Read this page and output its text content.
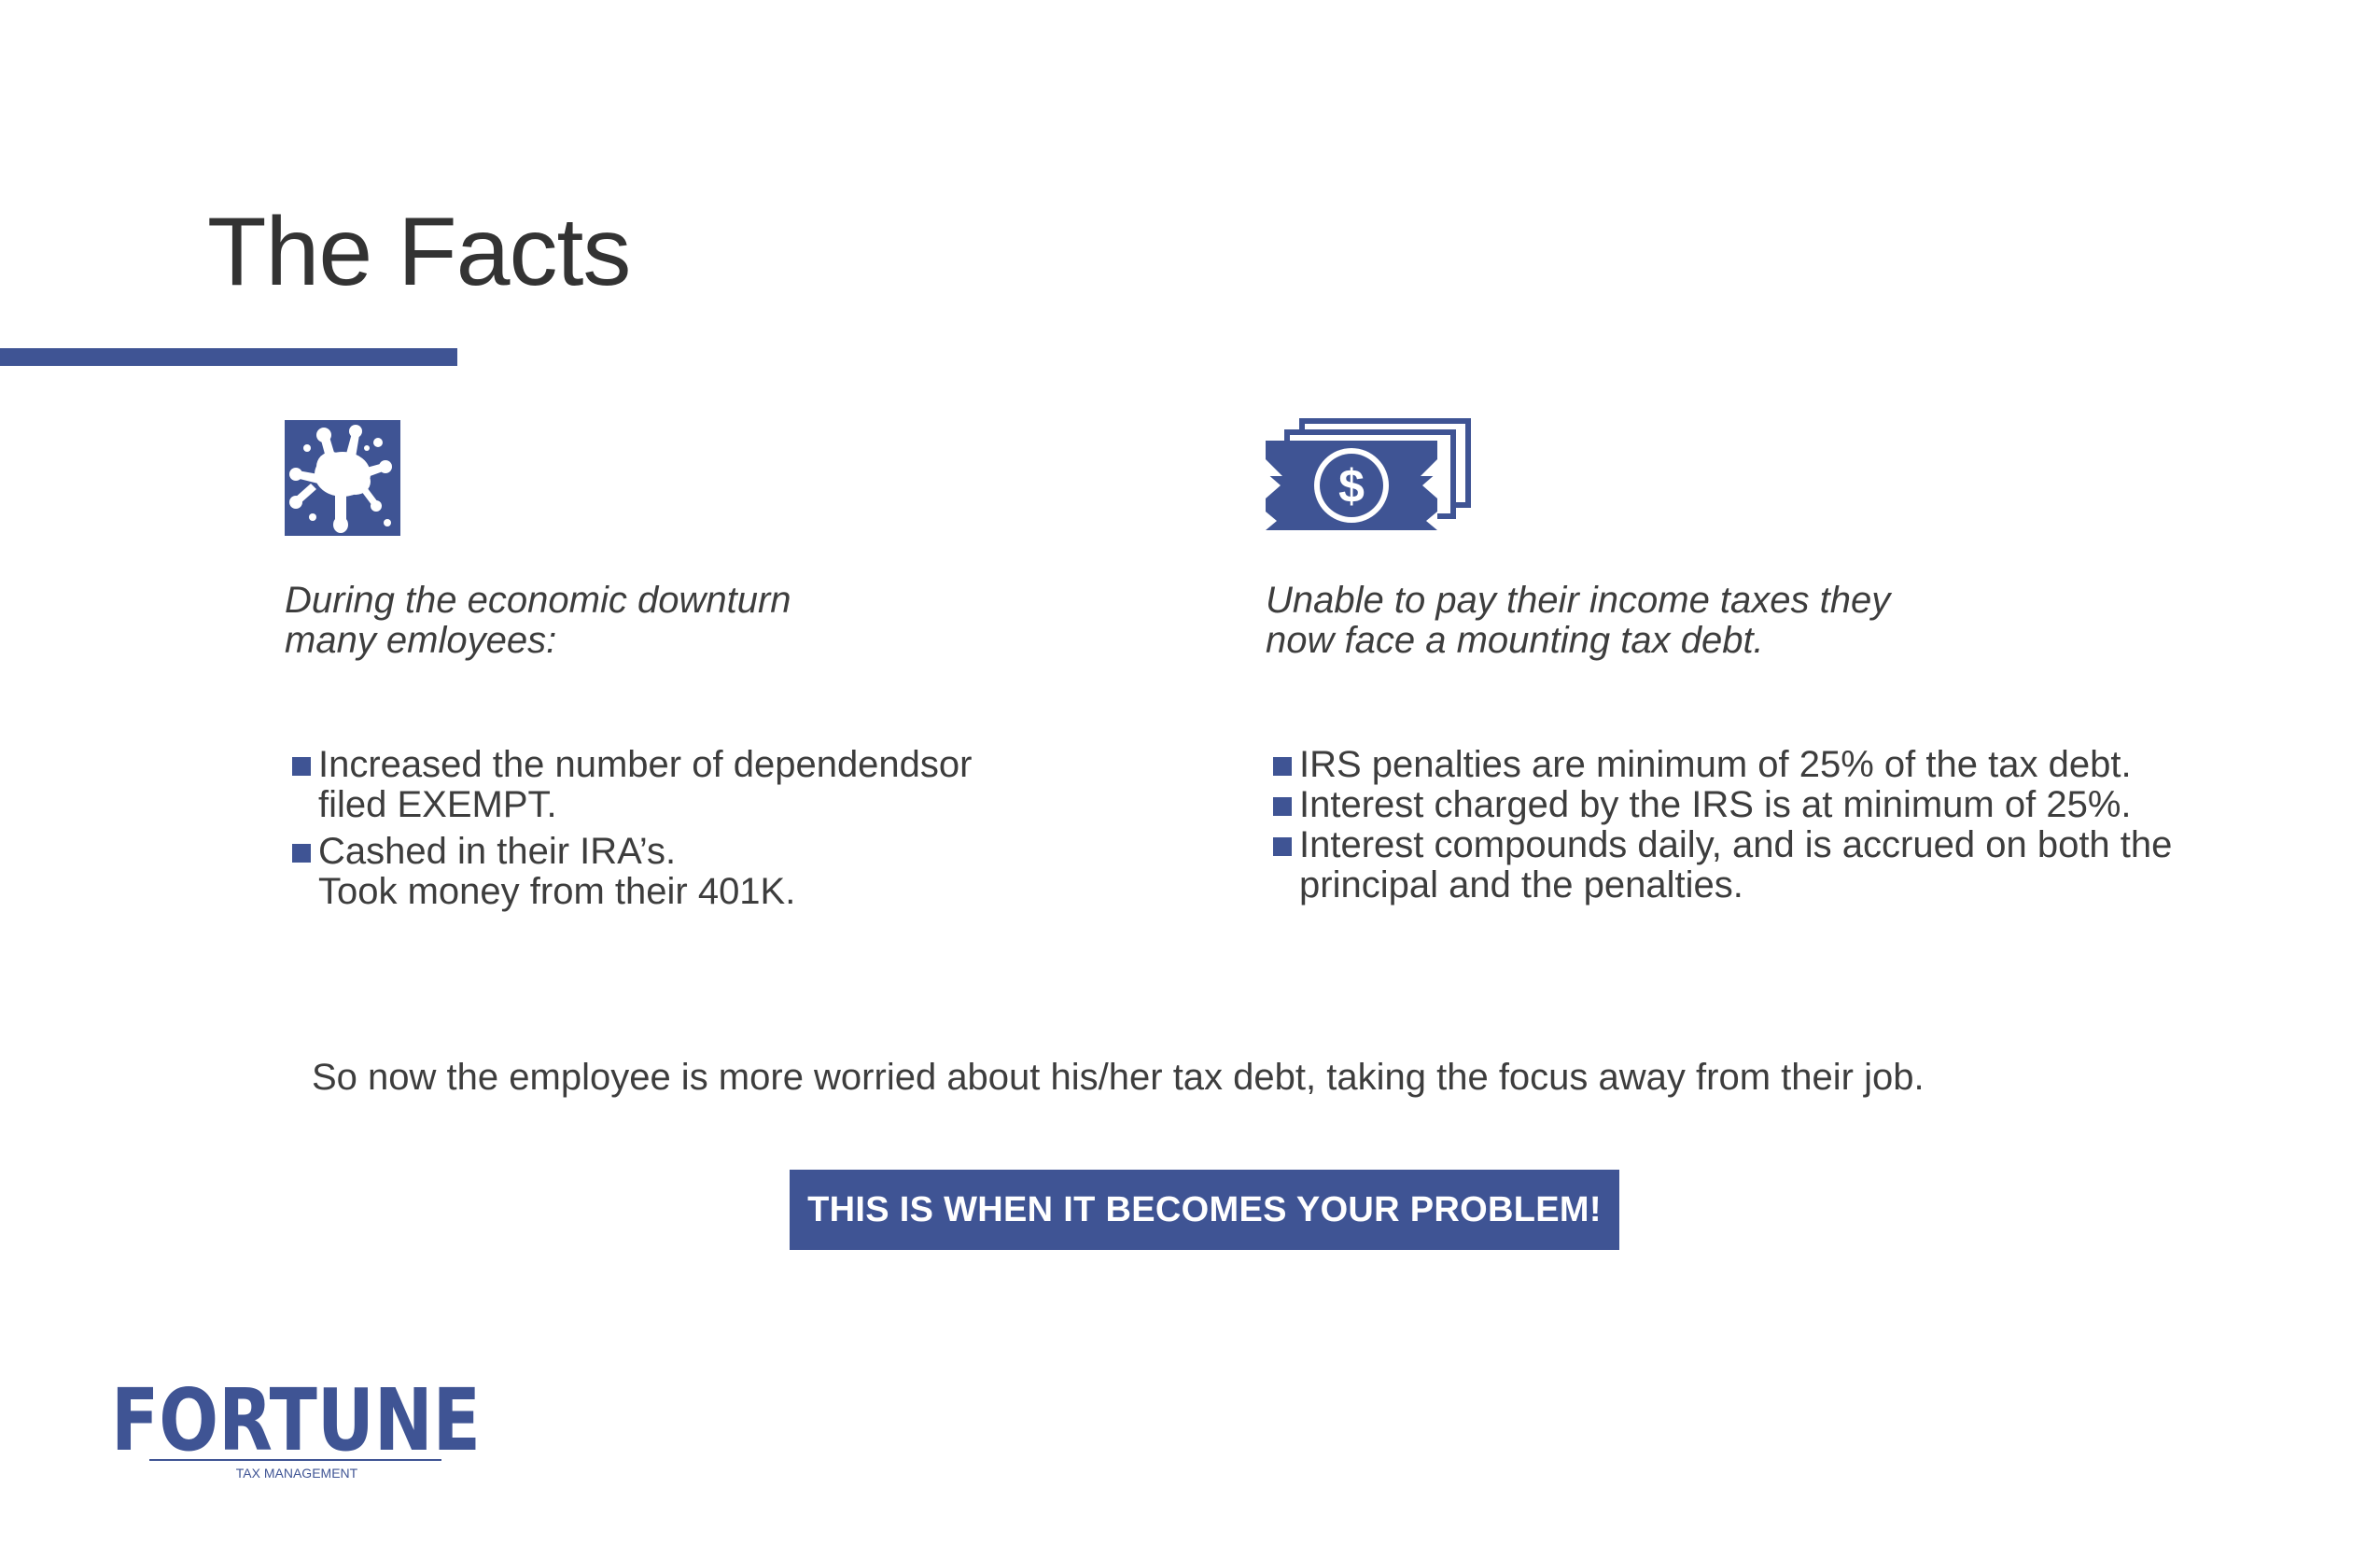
The Facts
$
During the economic downturn
many emloyees:
Unable to pay their income taxes they
now face a mounting tax debt.
Increased the number of dependendsor
filed EXEMPT.
Cashed in their IRA’s.
Took money from their 401K.
IRS penalties are minimum of 25% of the tax debt.
Interest charged by the IRS is at minimum of 25%.
Interest compounds daily, and is accrued on both the
principal and the penalties.
So now the employee is more worried about his/her tax debt, taking the focus away from their job.
THIS IS WHEN IT BECOMES YOUR PROBLEM!
FORTUNE
TAX MANAGEMENT
